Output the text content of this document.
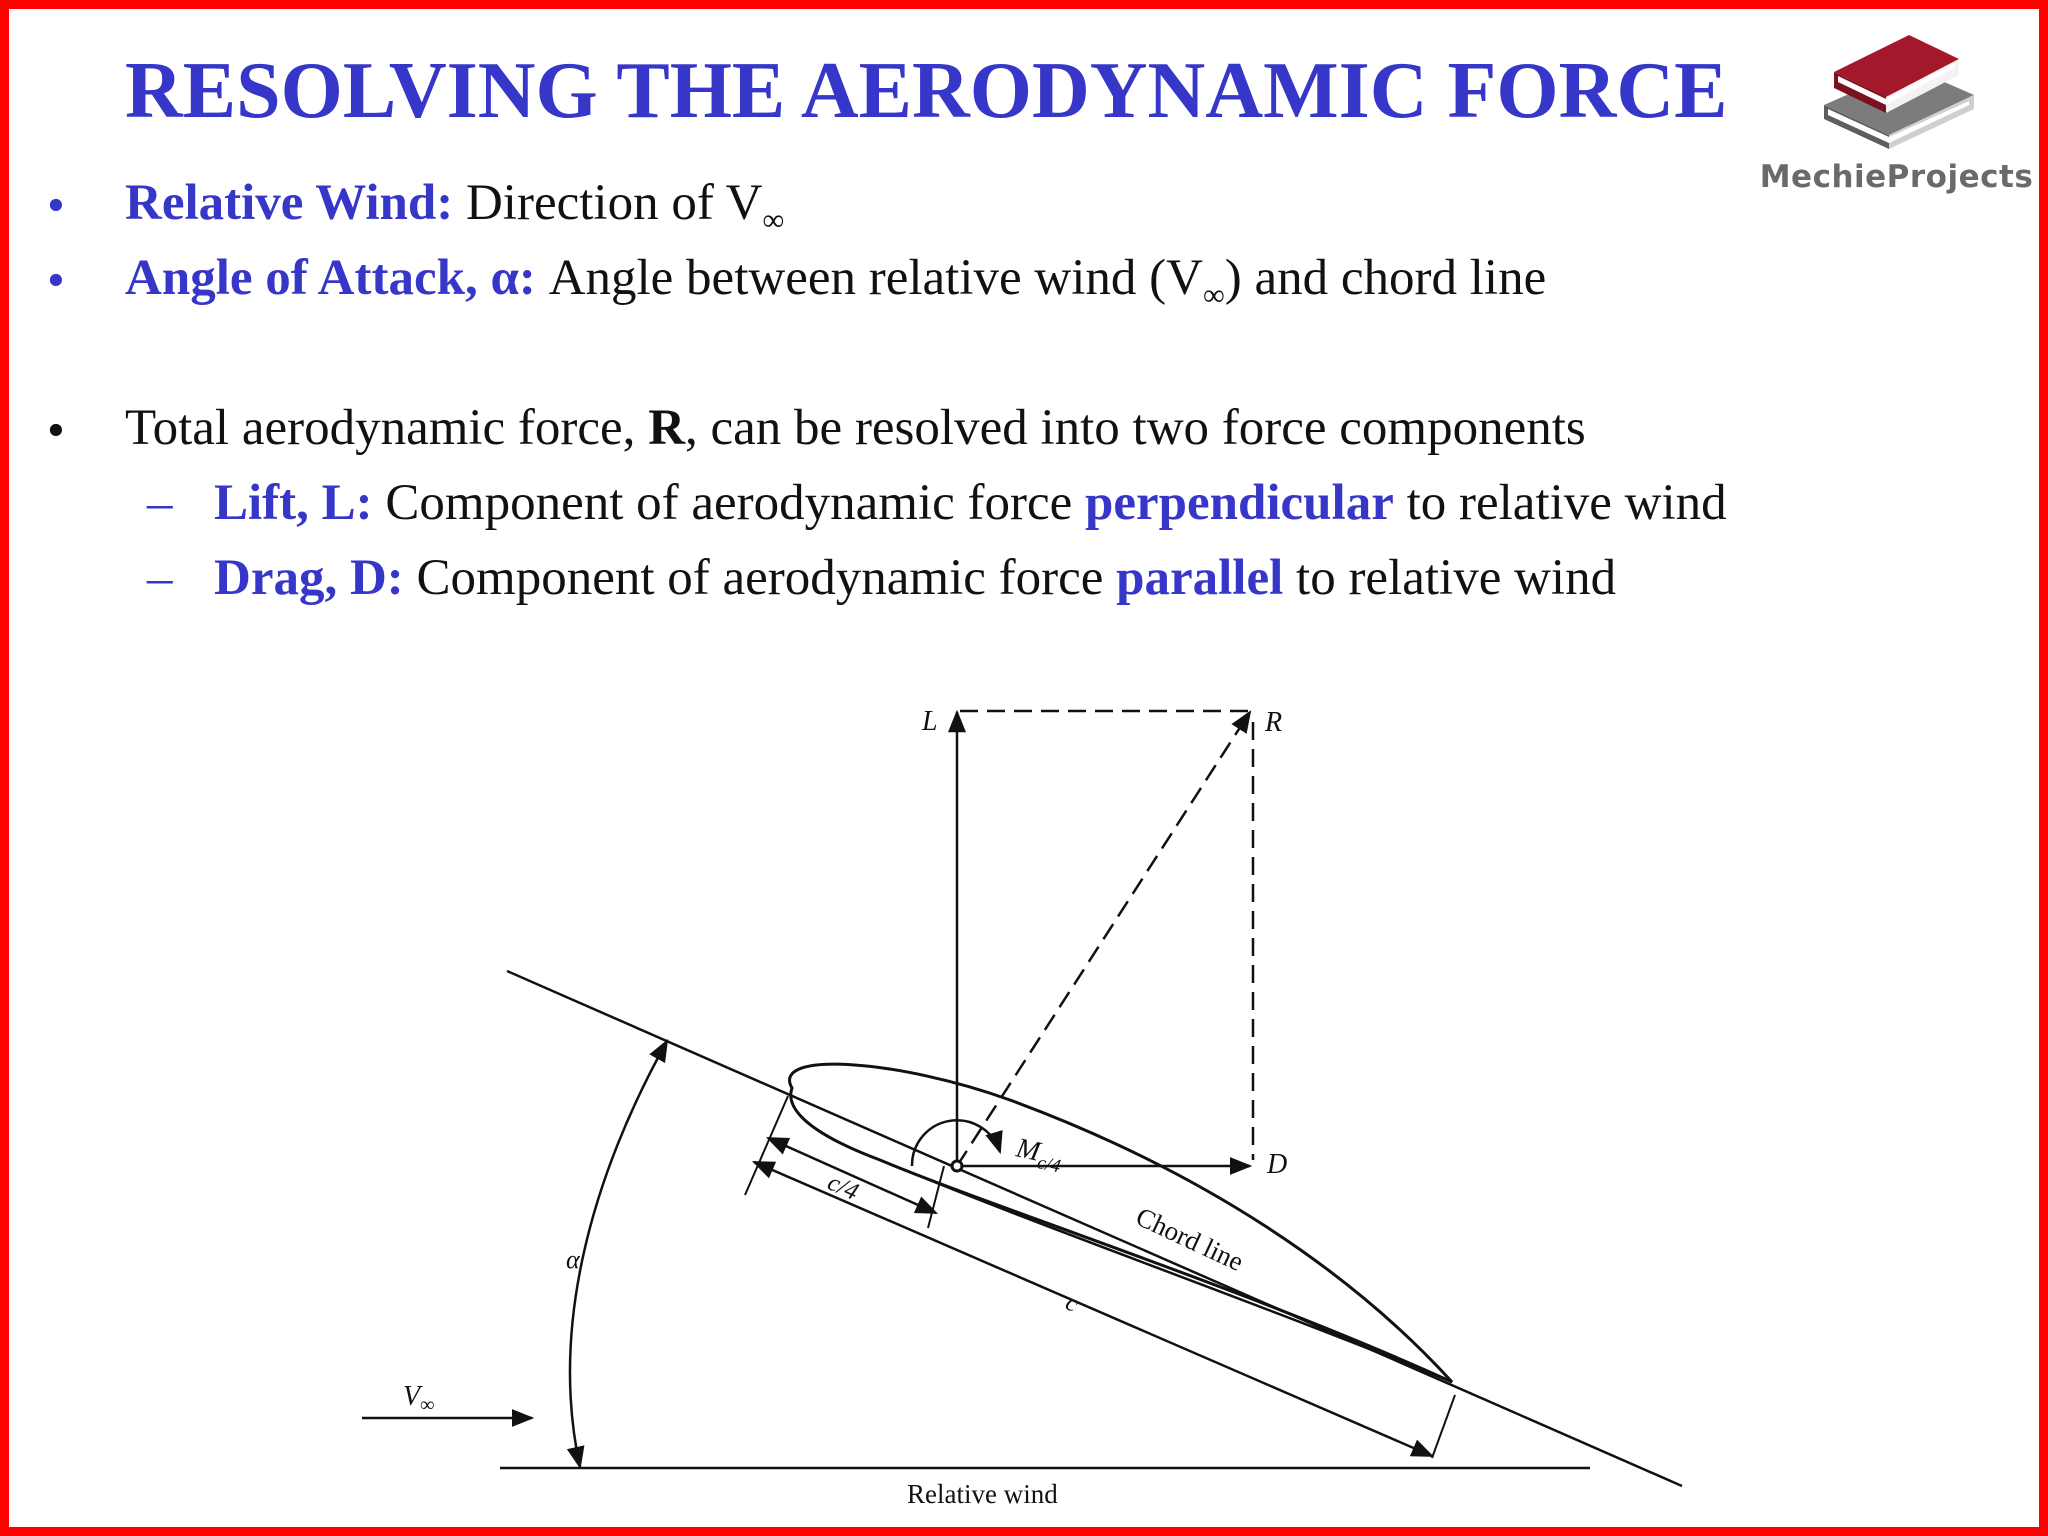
RESOLVING THE AERODYNAMIC FORCE
MechieProjects
• Relative Wind: Direction of $V_\infty$
• Angle of Attack, α: Angle between relative wind $(V_\infty)$ and chord line
• Total aerodynamic force, R, can be resolved into two force components
– Lift, L: Component of aerodynamic force perpendicular to relative wind
– Drag, D: Component of aerodynamic force parallel to relative wind
L	R
D
$M_{c/4}$
α
c/4
c
$V_\infty$
Chord line
Relative wind
